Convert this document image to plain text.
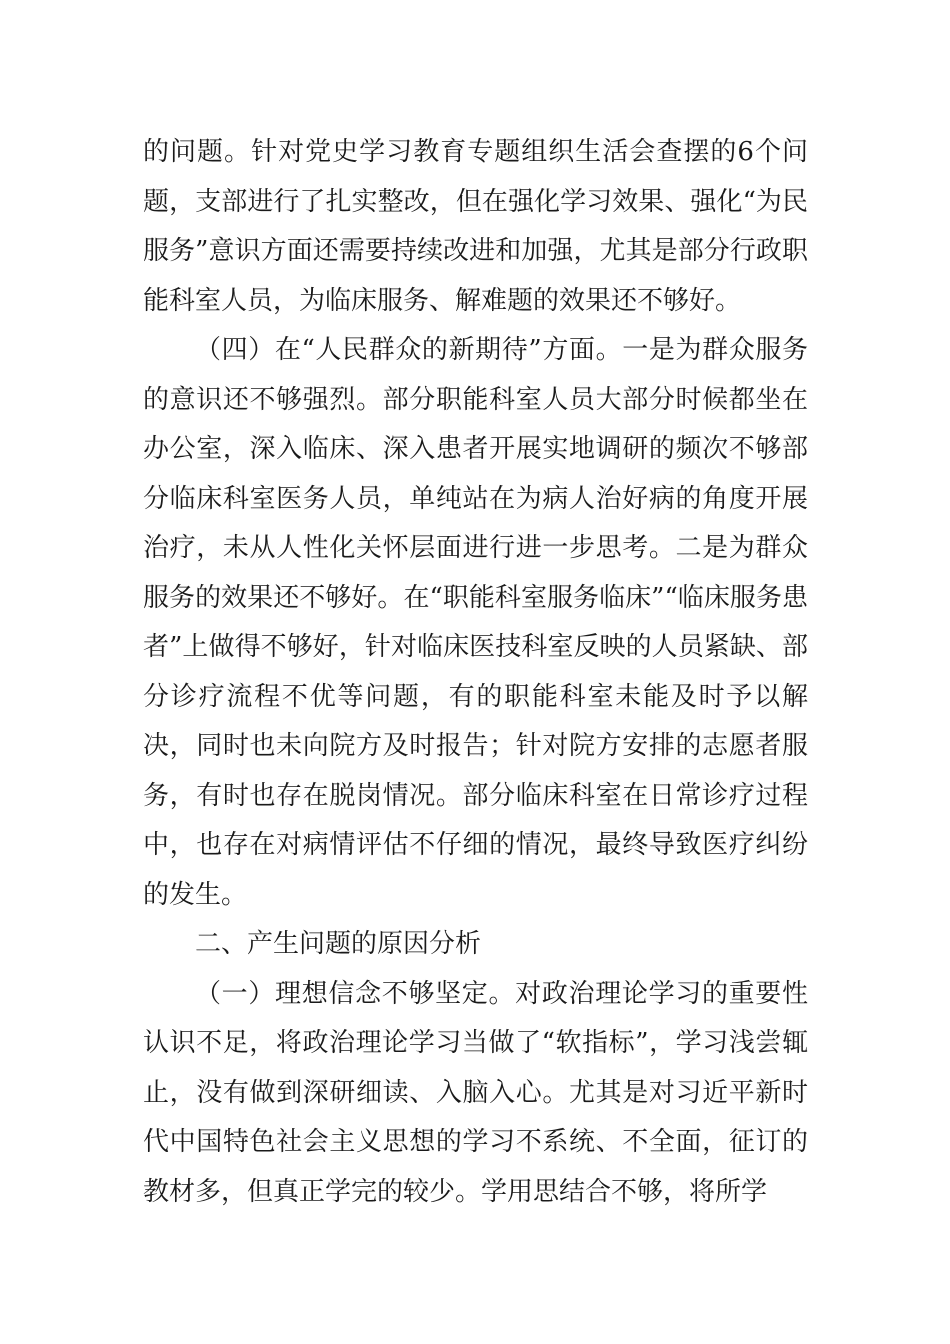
的问题。针对党史学习教育专题组织生活会查摆的6个问题，支部进行了扎实整改，但在强化学习效果、强化“为民服务”意识方面还需要持续改进和加强，尤其是部分行政职能科室人员，为临床服务、解难题的效果还不够好。

（四）在“人民群众的新期待”方面。一是为群众服务的意识还不够强烈。部分职能科室人员大部分时候都坐在办公室，深入临床、深入患者开展实地调研的频次不够部分临床科室医务人员，单纯站在为病人治好病的角度开展治疗，未从人性化关怀层面进行进一步思考。二是为群众服务的效果还不够好。在“职能科室服务临床”“临床服务患者”上做得不够好，针对临床医技科室反映的人员紧缺、部分诊疗流程不优等问题，有的职能科室未能及时予以解决，同时也未向院方及时报告；针对院方安排的志愿者服务，有时也存在脱岗情况。部分临床科室在日常诊疗过程中，也存在对病情评估不仔细的情况，最终导致医疗纠纷的发生。

二、产生问题的原因分析

（一）理想信念不够坚定。对政治理论学习的重要性认识不足，将政治理论学习当做了“软指标”，学习浅尝辄止，没有做到深研细读、入脑入心。尤其是对习近平新时代中国特色社会主义思想的学习不系统、不全面，征订的教材多，但真正学完的较少。学用思结合不够，将所学
